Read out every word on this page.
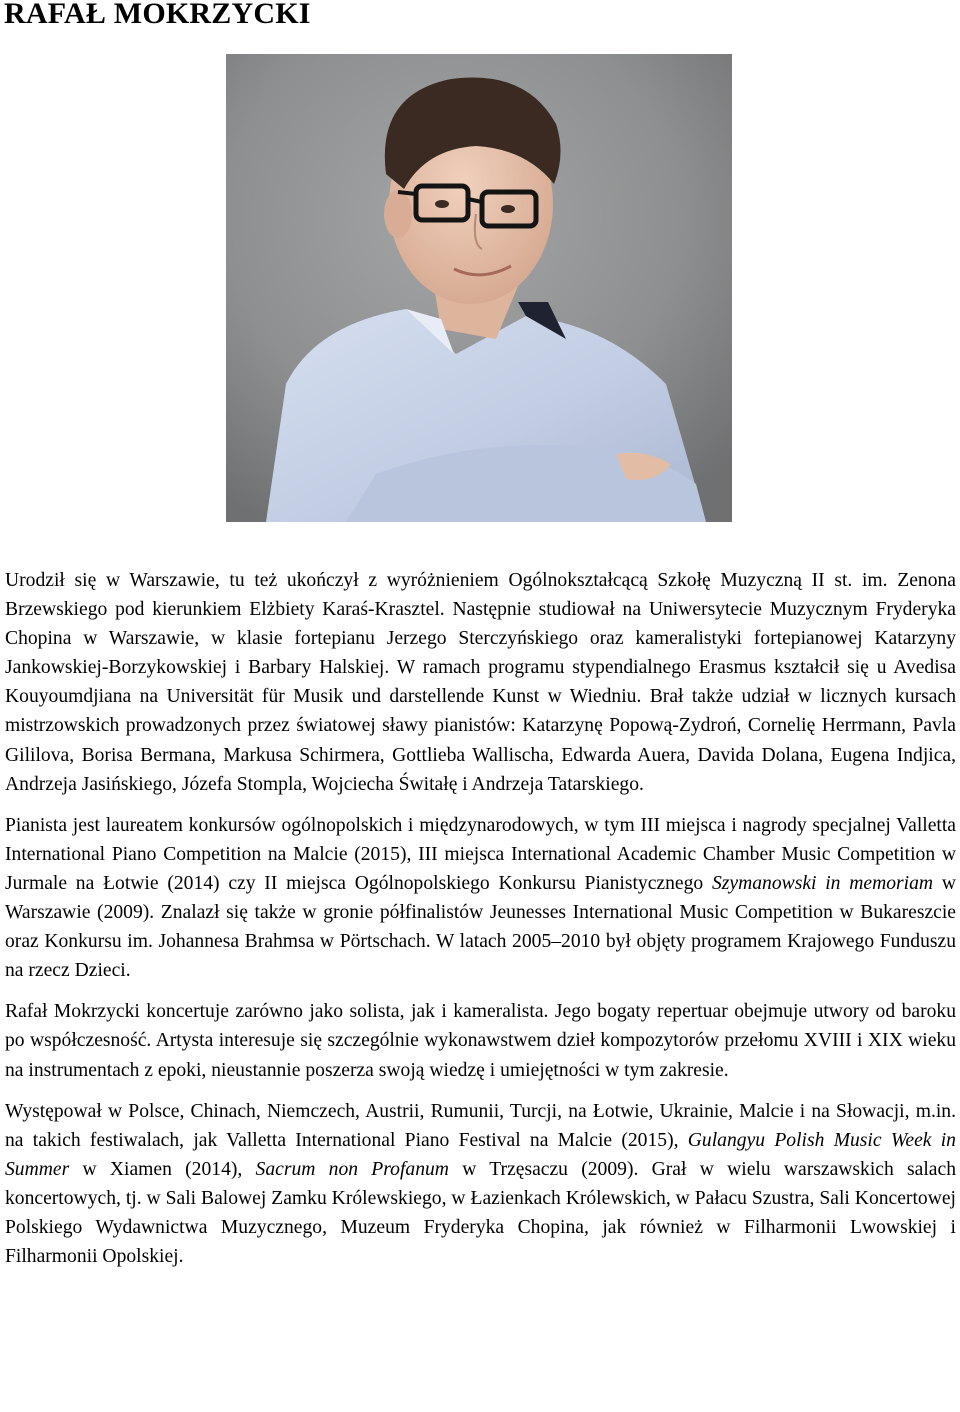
RAFAŁ MOKRZYCKI

Urodził się w Warszawie, tu też ukończył z wyróżnieniem Ogólnokształcącą Szkołę Muzyczną II st. im. Zenona Brzewskiego pod kierunkiem Elżbiety Karaś-Krasztel. Następnie studiował na Uniwersytecie Muzycznym Fryderyka Chopina w Warszawie, w klasie fortepianu Jerzego Sterczyńskiego oraz kameralistyki fortepianowej Katarzyny Jankowskiej-Borzykowskiej i Barbary Halskiej. W ramach programu stypendialnego Erasmus kształcił się u Avedisa Kouyoumdjiana na Universität für Musik und darstellende Kunst w Wiedniu. Brał także udział w licznych kursach mistrzowskich prowadzonych przez światowej sławy pianistów: Katarzynę Popową-Zydroń, Cornelię Herrmann, Pavla Gililova, Borisa Bermana, Markusa Schirmera, Gottlieba Wallischa, Edwarda Auera, Davida Dolana, Eugena Indjica, Andrzeja Jasińskiego, Józefa Stompla, Wojciecha Świtałę i Andrzeja Tatarskiego.

Pianista jest laureatem konkursów ogólnopolskich i międzynarodowych, w tym III miejsca i nagrody specjalnej Valletta International Piano Competition na Malcie (2015), III miejsca International Academic Chamber Music Competition w Jurmale na Łotwie (2014) czy II miejsca Ogólnopolskiego Konkursu Pianistycznego Szymanowski in memoriam w Warszawie (2009). Znalazł się także w gronie półfinalistów Jeunesses International Music Competition w Bukareszcie oraz Konkursu im. Johannesa Brahmsa w Pörtschach. W latach 2005–2010 był objęty programem Krajowego Funduszu na rzecz Dzieci.

Rafał Mokrzycki koncertuje zarówno jako solista, jak i kameralista. Jego bogaty repertuar obejmuje utwory od baroku po współczesność. Artysta interesuje się szczególnie wykonawstwem dzieł kompozytorów przełomu XVIII i XIX wieku na instrumentach z epoki, nieustannie poszerza swoją wiedzę i umiejętności w tym zakresie.

Występował w Polsce, Chinach, Niemczech, Austrii, Rumunii, Turcji, na Łotwie, Ukrainie, Malcie i na Słowacji, m.in. na takich festiwalach, jak Valletta International Piano Festival na Malcie (2015), Gulangyu Polish Music Week in Summer w Xiamen (2014), Sacrum non Profanum w Trzęsaczu (2009). Grał w wielu warszawskich salach koncertowych, tj. w Sali Balowej Zamku Królewskiego, w Łazienkach Królewskich, w Pałacu Szustra, Sali Koncertowej Polskiego Wydawnictwa Muzycznego, Muzeum Fryderyka Chopina, jak również w Filharmonii Lwowskiej i Filharmonii Opolskiej.
